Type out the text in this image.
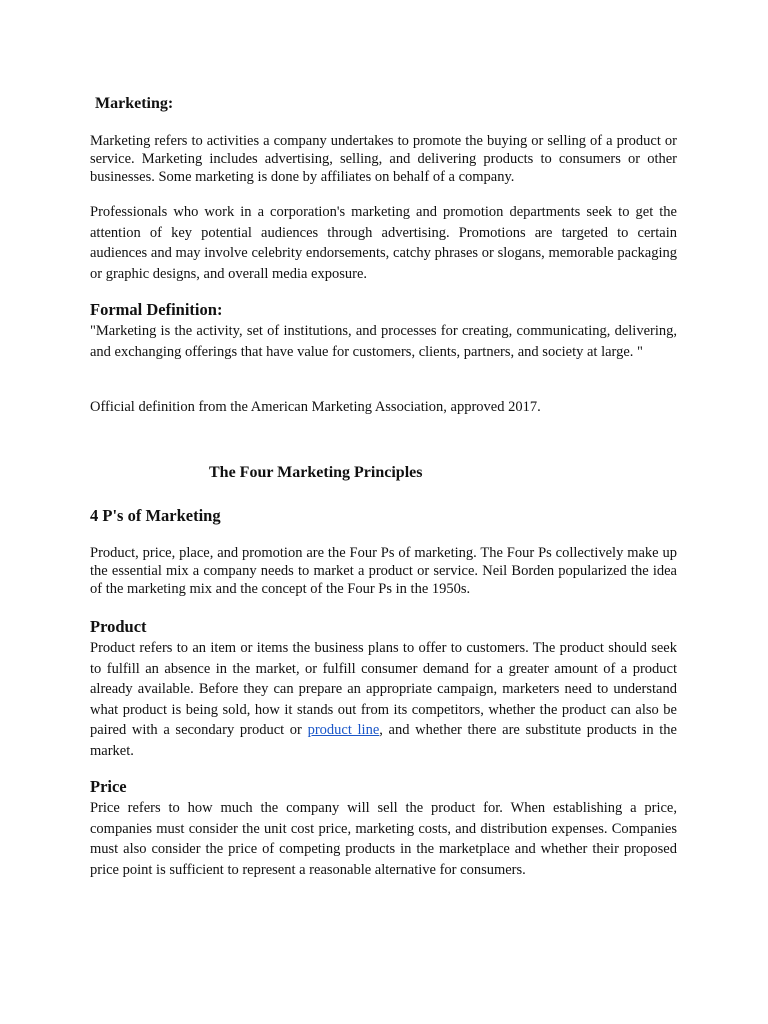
Marketing:

Marketing refers to activities a company undertakes to promote the buying or selling of a product or service. Marketing includes advertising, selling, and delivering products to consumers or other businesses. Some marketing is done by affiliates on behalf of a company.

Professionals who work in a corporation's marketing and promotion departments seek to get the attention of key potential audiences through advertising. Promotions are targeted to certain audiences and may involve celebrity endorsements, catchy phrases or slogans, memorable packaging or graphic designs, and overall media exposure.

Formal Definition:

"Marketing is the activity, set of institutions, and processes for creating, communicating, delivering, and exchanging offerings that have value for customers, clients, partners, and society at large. "

Official definition from the American Marketing Association, approved 2017.

The Four Marketing Principles
4 P's of Marketing

Product, price, place, and promotion are the Four Ps of marketing. The Four Ps collectively make up the essential mix a company needs to market a product or service. Neil Borden popularized the idea of the marketing mix and the concept of the Four Ps in the 1950s.

Product

Product refers to an item or items the business plans to offer to customers. The product should seek to fulfill an absence in the market, or fulfill consumer demand for a greater amount of a product already available. Before they can prepare an appropriate campaign, marketers need to understand what product is being sold, how it stands out from its competitors, whether the product can also be paired with a secondary product or product line, and whether there are substitute products in the market.

Price

Price refers to how much the company will sell the product for. When establishing a price, companies must consider the unit cost price, marketing costs, and distribution expenses. Companies must also consider the price of competing products in the marketplace and whether their proposed price point is sufficient to represent a reasonable alternative for consumers.
